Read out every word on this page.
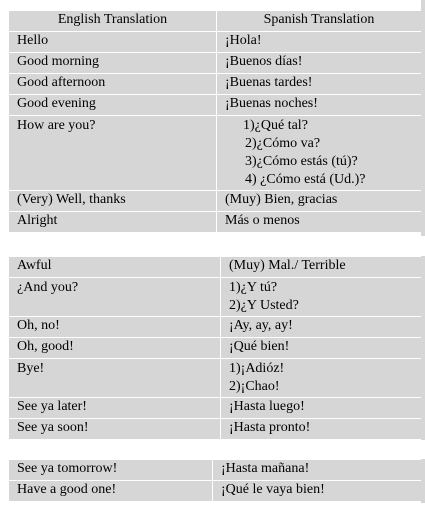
English Translation	Spanish Translation
Hello	¡Hola!

Good morning	¡Buenos días!

Good afternoon	¡Buenas tardes!

Good evening	¡Buenas noches!

How are you?	1)¿Qué tal?
2)¿Cómo va?
3)¿Cómo estás (tú)?
4) ¿Cómo está (Ud.)?

(Very) Well, thanks	(Muy) Bien, gracias

Alright	Más o menos
Awful	(Muy) Mal./ Terrible

¿And you?	1)¿Y tú?
2)¿Y Usted?

Oh, no!	¡Ay, ay, ay!

Oh, good!	¡Qué bien!

Bye!	1)¡Adióz!
2)¡Chao!

See ya later!	¡Hasta luego!

See ya soon!	¡Hasta pronto!
See ya tomorrow!	¡Hasta mañana!

Have a good one!	¡Qué le vaya bien!
